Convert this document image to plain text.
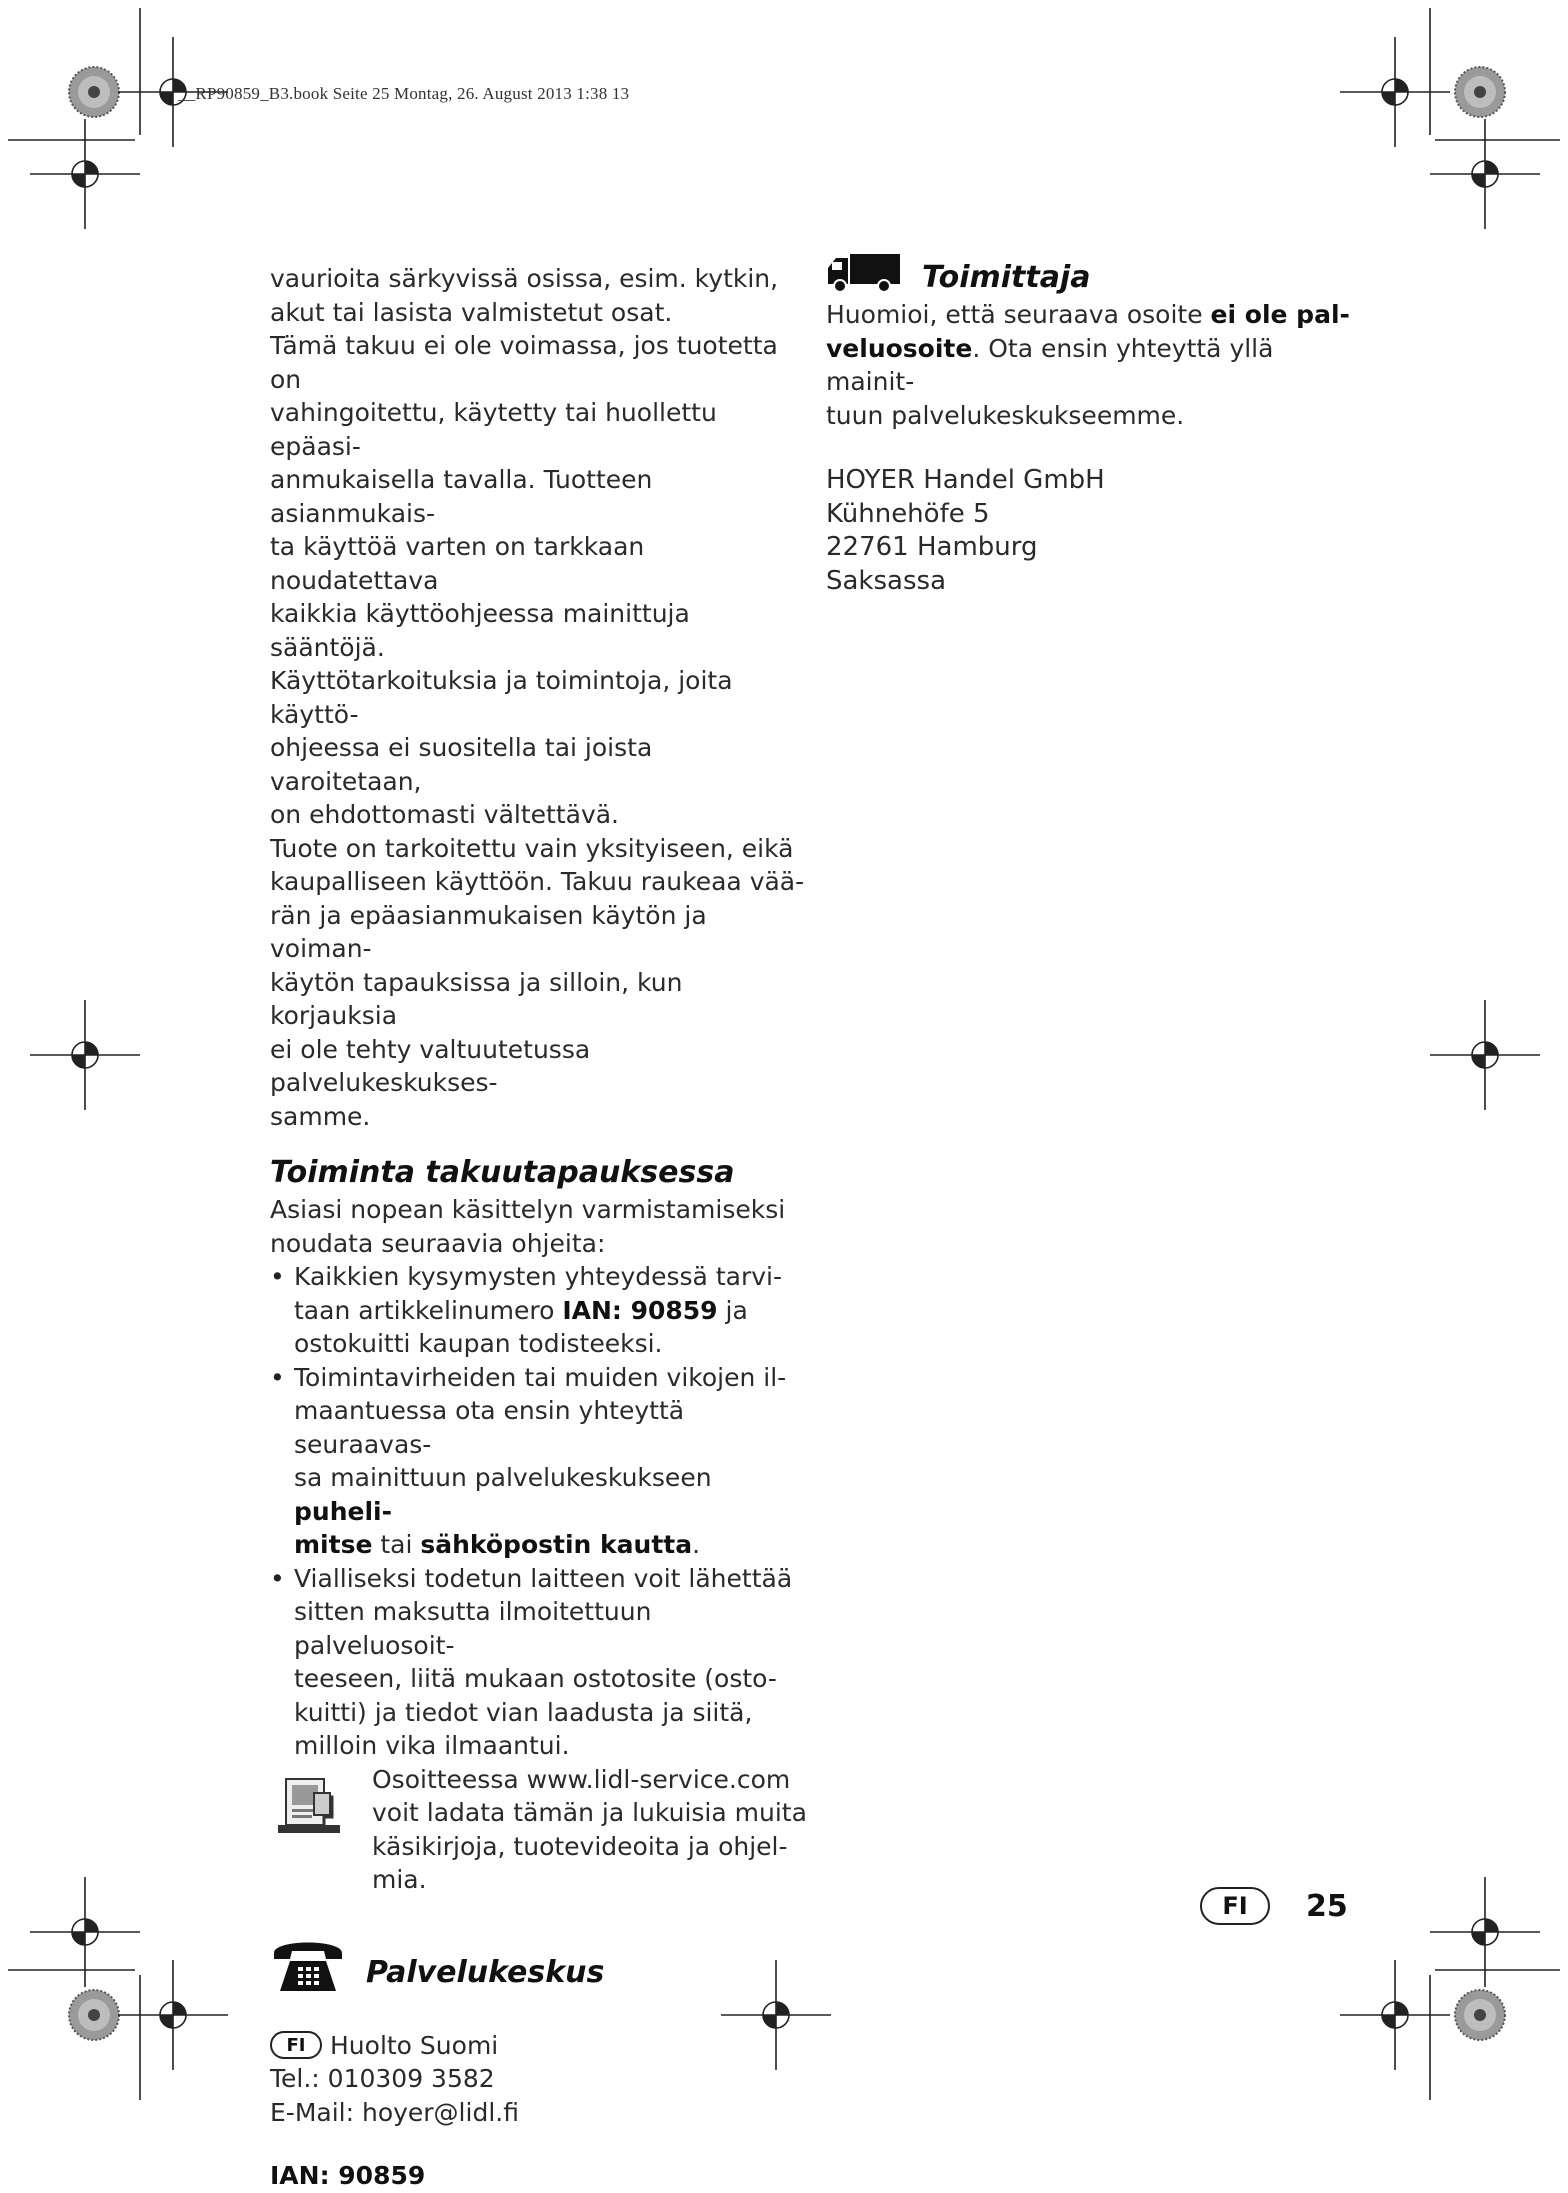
__RP90859_B3.book Seite 25 Montag, 26. August 2013 1:38 13

vaurioita särkyvissä osissa, esim. kytkin,

akut tai lasista valmistetut osat.

Tämä takuu ei ole voimassa, jos tuotetta on

vahingoitettu, käytetty tai huollettu epäasi-

anmukaisella tavalla. Tuotteen asianmukais-

ta käyttöä varten on tarkkaan noudatettava

kaikkia käyttöohjeessa mainittuja sääntöjä.

Käyttötarkoituksia ja toimintoja, joita käyttö-

ohjeessa ei suositella tai joista varoitetaan,

on ehdottomasti vältettävä.

Tuote on tarkoitettu vain yksityiseen, eikä

kaupalliseen käyttöön. Takuu raukeaa vää-

rän ja epäasianmukaisen käytön ja voiman-

käytön tapauksissa ja silloin, kun korjauksia

ei ole tehty valtuutetussa palvelukeskukses-

samme.

Toiminta takuutapauksessa

Asiasi nopean käsittelyn varmistamiseksi

noudata seuraavia ohjeita:

• Kaikkien kysymysten yhteydessä tarvi-
taan artikkelinumero IAN: 90859 ja
ostokuitti kaupan todisteeksi.
• Toimintavirheiden tai muiden vikojen il-
maantuessa ota ensin yhteyttä seuraavas-
sa mainittuun palvelukeskukseen puheli-
mitse tai sähköpostin kautta.
• Vialliseksi todetun laitteen voit lähettää
sitten maksutta ilmoitettuun palveluosoit-
teeseen, liitä mukaan ostotosite (osto-
kuitti) ja tiedot vian laadusta ja siitä,
milloin vika ilmaantui.

Osoitteessa www.lidl-service.com

voit ladata tämän ja lukuisia muita

käsikirjoja, tuotevideoita ja ohjel-

mia.

Palvelukeskus

FI Huolto Suomi

Tel.: 010309 3582

E-Mail: hoyer@lidl.fi

IAN: 90859

Toimittaja

Huomioi, että seuraava osoite ei ole pal-

veluosoite. Ota ensin yhteyttä yllä mainit-

tuun palvelukeskukseemme.

HOYER Handel GmbH

Kühnehöfe 5

22761 Hamburg

Saksassa

FI	25
